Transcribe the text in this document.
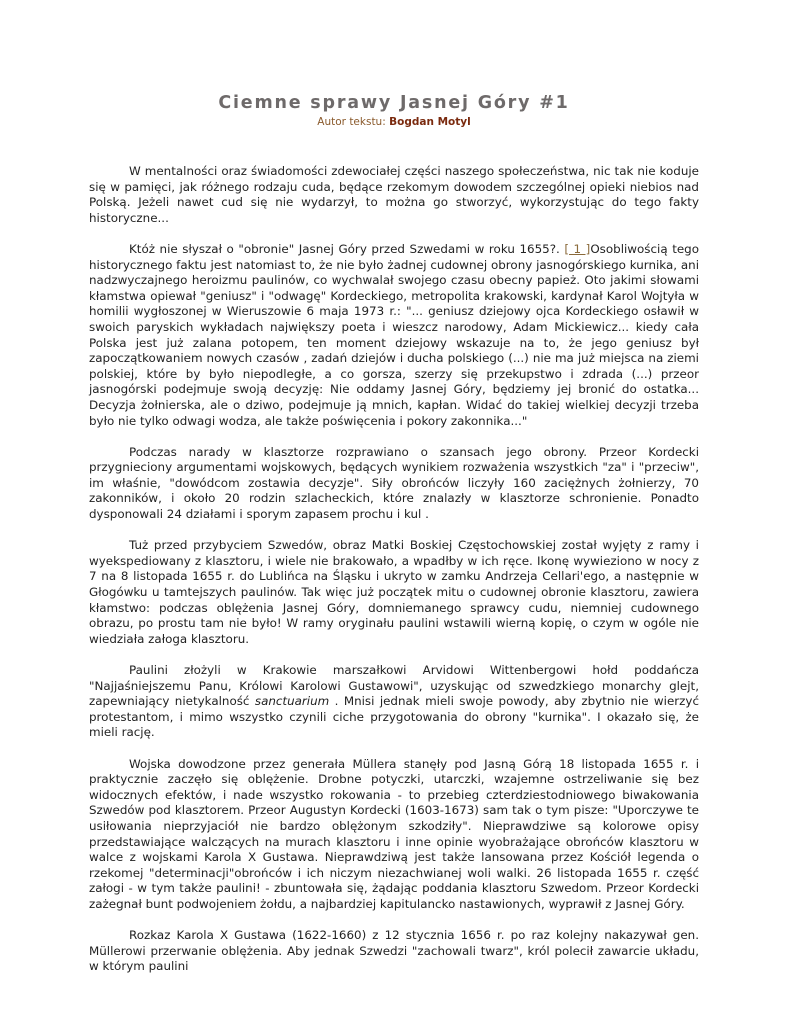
Ciemne sprawy Jasnej Góry #1
Autor tekstu: Bogdan Motyl

W mentalności oraz świadomości zdewociałej części naszego społeczeństwa, nic tak nie koduje się w pamięci, jak różnego rodzaju cuda, będące rzekomym dowodem szczególnej opieki niebios nad Polską. Jeżeli nawet cud się nie wydarzył, to można go stworzyć, wykorzystując do tego fakty historyczne...

Któż nie słyszał o "obronie" Jasnej Góry przed Szwedami w roku 1655?. [ 1 ]Osobliwością tego historycznego faktu jest natomiast to, że nie było żadnej cudownej obrony jasnogórskiego kurnika, ani nadzwyczajnego heroizmu paulinów, co wychwalał swojego czasu obecny papież. Oto jakimi słowami kłamstwa opiewał "geniusz" i "odwagę" Kordeckiego, metropolita krakowski, kardynał Karol Wojtyła w homilii wygłoszonej w Wieruszowie 6 maja 1973 r.: "... geniusz dziejowy ojca Kordeckiego osławił w swoich paryskich wykładach największy poeta i wieszcz narodowy, Adam Mickiewicz... kiedy cała Polska jest już zalana potopem, ten moment dziejowy wskazuje na to, że jego geniusz był zapoczątkowaniem nowych czasów , zadań dziejów i ducha polskiego (...) nie ma już miejsca na ziemi polskiej, które by było niepodległe, a co gorsza, szerzy się przekupstwo i zdrada (...) przeor jasnogórski podejmuje swoją decyzję: Nie oddamy Jasnej Góry, będziemy jej bronić do ostatka... Decyzja żołnierska, ale o dziwo, podejmuje ją mnich, kapłan. Widać do takiej wielkiej decyzji trzeba było nie tylko odwagi wodza, ale także poświęcenia i pokory zakonnika..."

Podczas narady w klasztorze rozprawiano o szansach jego obrony. Przeor Kordecki przygnieciony argumentami wojskowych, będących wynikiem rozważenia wszystkich "za" i "przeciw", im właśnie, "dowódcom zostawia decyzje". Siły obrońców liczyły 160 zaciężnych żołnierzy, 70 zakonników, i około 20 rodzin szlacheckich, które znalazły w klasztorze schronienie. Ponadto dysponowali 24 działami i sporym zapasem prochu i kul .

Tuż przed przybyciem Szwedów, obraz Matki Boskiej Częstochowskiej został wyjęty z ramy i wyekspediowany z klasztoru, i wiele nie brakowało, a wpadłby w ich ręce. Ikonę wywieziono w nocy z 7 na 8 listopada 1655 r. do Lublińca na Śląsku i ukryto w zamku Andrzeja Cellari'ego, a następnie w Głogówku u tamtejszych paulinów. Tak więc już początek mitu o cudownej obronie klasztoru, zawiera kłamstwo: podczas oblężenia Jasnej Góry, domniemanego sprawcy cudu, niemniej cudownego obrazu, po prostu tam nie było! W ramy oryginału paulini wstawili wierną kopię, o czym w ogóle nie wiedziała załoga klasztoru.

Paulini złożyli w Krakowie marszałkowi Arvidowi Wittenbergowi hołd poddańcza "Najjaśniejszemu Panu, Królowi Karolowi Gustawowi", uzyskując od szwedzkiego monarchy glejt, zapewniający nietykalność sanctuarium . Mnisi jednak mieli swoje powody, aby zbytnio nie wierzyć protestantom, i mimo wszystko czynili ciche przygotowania do obrony "kurnika". I okazało się, że mieli rację.

Wojska dowodzone przez generała Müllera stanęły pod Jasną Górą 18 listopada 1655 r. i praktycznie zaczęło się oblężenie. Drobne potyczki, utarczki, wzajemne ostrzeliwanie się bez widocznych efektów, i nade wszystko rokowania - to przebieg czterdziestodniowego biwakowania Szwedów pod klasztorem. Przeor Augustyn Kordecki (1603-1673) sam tak o tym pisze: "Uporczywe te usiłowania nieprzyjaciół nie bardzo oblężonym szkodziły". Nieprawdziwe są kolorowe opisy przedstawiające walczących na murach klasztoru i inne opinie wyobrażające obrońców klasztoru w walce z wojskami Karola X Gustawa. Nieprawdziwą jest także lansowana przez Kościół legenda o rzekomej "determinacji"obrońców i ich niczym niezachwianej woli walki. 26 listopada 1655 r. część załogi - w tym także paulini! - zbuntowała się, żądając poddania klasztoru Szwedom. Przeor Kordecki zażegnał bunt podwojeniem żołdu, a najbardziej kapitulancko nastawionych, wyprawił z Jasnej Góry.

Rozkaz Karola X Gustawa (1622-1660) z 12 stycznia 1656 r. po raz kolejny nakazywał gen. Müllerowi przerwanie oblężenia. Aby jednak Szwedzi "zachowali twarz", król polecił zawarcie układu, w którym paulini
